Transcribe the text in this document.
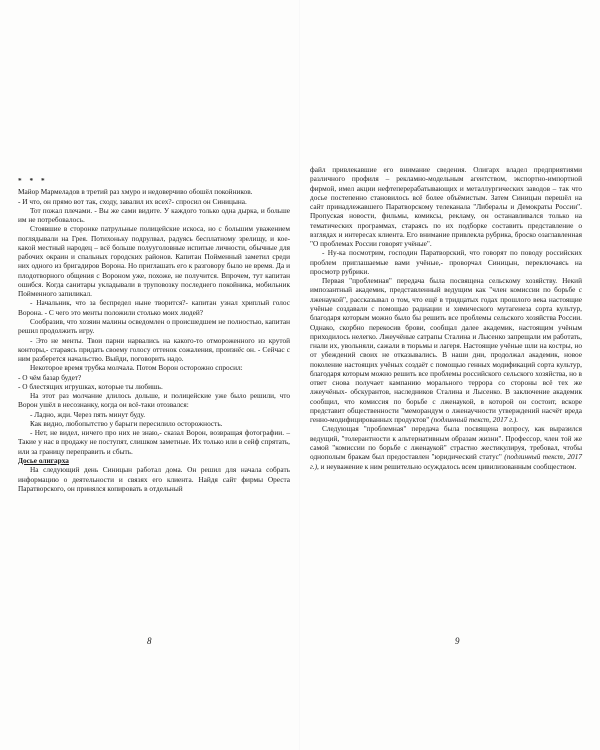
* * *

Майор Мармеладов в третий раз хмуро и недоверчиво обошёл покойников.

- И что, он прямо вот так, сходу, завалил их всех?- спросил он Синицына.

Тот пожал плечами. - Вы же сами видите. У каждого только одна дырка, и больше им не потребовалось.

Стоявшие в сторонке патрульные полицейские искоса, но с большим уважением поглядывали на Грея. Потихоньку подрулвал, радуясь бесплатному зрелищу, и кое-какой местный народец – всё больше полууголовные испитые личности, обычные для рабочих окраин и спальных городских районов. Капитан Пойменный заметил среди них одного из бригадиров Ворона. Но приглашать его к разговору было не время. Да и плодотворного общения с Вороном уже, похоже, не получится. Впрочем, тут капитан ошибся. Когда санитары укладывали в труповозку последнего покойника, мобильник Пойменного запиликал.

- Начальник, что за беспредел ныне творится?- капитан узнал хриплый голос Ворона. - С чего это менты положили столько моих людей?

Сообразив, что хозяин малины осведомлен о происшедшем не полностью, капитан решил продолжить игру.

- Это не менты. Твои парни нарвались на какого-то отмороженного из крутой конторы,- стараясь придать своему голосу оттенок сожаления, произнёс он. - Сейчас с ним разберется начальство. Выйди, поговорить надо.

Некоторое время трубка молчала. Потом Ворон осторожно спросил:

- О чём базар будет?

- О блестящих игрушках, которые ты любишь.

На этот раз молчание длилось дольше, и полицейские уже было решили, что Ворон ушёл в несознанку, когда он всё-таки отозвался:

- Ладно, жди. Через пять минут буду.

Как видно, любопытство у барыги пересилило осторожность.

- Нет, не видел, ничего про них не знаю,- сказал Ворон, возвращая фотографии. – Такие у нас в продажу не поступят, слишком заметные. Их только или в сейф спрятать, или за границу переправить и сбыть.

Досье олигарха

На следующий день Синицын работал дома. Он решил для начала собрать информацию о деятельности и связях его клиента. Найдя сайт фирмы Ореста Паратворского, он принялся копировать в отдельный

8

файл привлекавшие его внимание сведения. Олигарх владел предприятиями различного профиля – рекламно-модельным агентством, экспортно-импортной фирмой, имел акции нефтеперерабатывающих и металлургических заводов – так что досье постепенно становилось всё более объёмистым. Затем Синицын перешёл на сайт принадлежавшего Паратворскому телеканала "Либералы и Демократы России". Пропуская новости, фильмы, комиксы, рекламу, он останавливался только на тематических программах, стараясь по их подборке составить представление о взглядах и интересах клиента. Его внимание привлекла рубрика, броско озаглавленная "О проблемах России говорят учёные".

- Ну-ка посмотрим, господин Паратворский, что говорят по поводу российских проблем приглашаемые вами учёные,- проворчал Синицын, переключаясь на просмотр рубрики.

Первая "проблемная" передача была посвящена сельскому хозяйству. Некий импозантный академик, представленный ведущим как "член комиссии по борьбе с лженаукой", рассказывал о том, что ещё в тридцатых годах прошлого века настоящие учёные создавали с помощью радиации и химического мутагенеза сорта культур, благодаря которым можно было бы решить все проблемы сельского хозяйства России. Однако, скорбно перекосив брови, сообщал далее академик, настоящим учёным приходилось нелегко. Лжеучёные сатрапы Сталина и Лысенко запрещали им работать, гнали их, увольняли, сажали в тюрьмы и лагеря. Настоящие учёные шли на костры, но от убеждений своих не отказывались. В наши дни, продолжал академик, новое поколение настоящих учёных создаёт с помощью генных модификаций сорта культур, благодаря которым можно решить все проблемы российского сельского хозяйства, но в ответ снова получает кампанию морального террора со стороны всё тех же лжеучёных- обскурантов, наследников Сталина и Лысенко. В заключение академик сообщил, что комиссия по борьбе с лженаукой, в которой он состоит, вскоре представит общественности "меморандум о лженаучности утверждений насчёт вреда генно-модифицированных продуктов" (подлинный текст, 2017 г.).

Следующая "проблемная" передача была посвящена вопросу, как выразился ведущий, "толерантности к альтернативным образам жизни". Профессор, член той же самой "комиссии по борьбе с лженаукой" страстно жестикулируя, требовал, чтобы однополым бракам был предоставлен "юридический статус" (подлинный текст, 2017 г.), и неуважение к ним решительно осуждалось всем цивилизованным сообществом.

9
